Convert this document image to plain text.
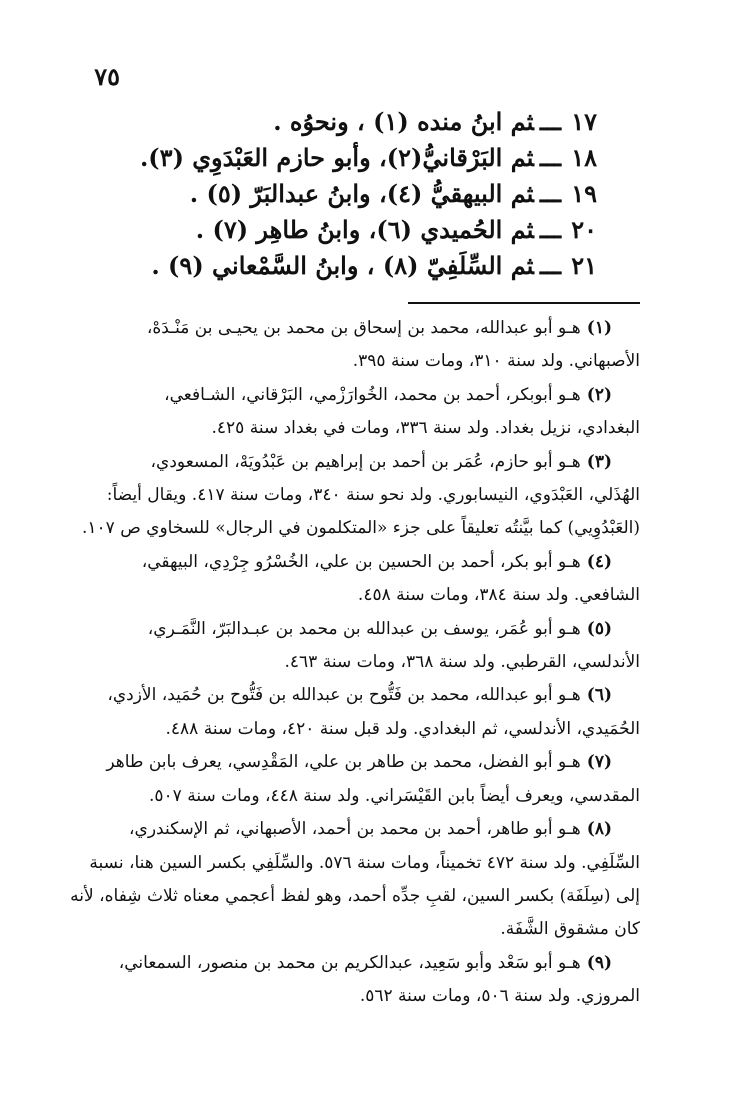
٧٥
١٧ـــثم ابنُ منده (١) ، ونحوُه .
١٨ـــثم البَرْقانيُّ(٢)، وأبو حازم العَبْدَوِي (٣).
١٩ـــثم البيهقيُّ (٤)، وابنُ عبدالبَرّ (٥) .
٢٠ـــثم الحُميدي (٦)، وابنُ طاهِر (٧) .
٢١ـــثم السِّلَفِيّ (٨) ، وابنُ السَّمْعاني (٩) .
(١)هـو أبو عبدالله، محمد بن إسحاق بن محمد بن يحيـى بن مَنْـدَهْ،
الأصبهاني. ولد سنة ٣١٠، ومات سنة ٣٩٥.
(٢)هـو أبوبكر، أحمد بن محمد، الخُوارَزْمي، البَرْقاني، الشـافعي،
البغدادي، نزيل بغداد. ولد سنة ٣٣٦، ومات في بغداد سنة ٤٢٥.
(٣)هـو أبو حازم، عُمَر بن أحمد بن إبراهيم بن عَبْدُويَهْ، المسعودي،
الهُذَلي، العَبْدَوي، النيسابوري. ولد نحو سنة ٣٤٠، ومات سنة ٤١٧. ويقال أيضاً:
(العَبْدُوِيي) كما بيَّنتُه تعليقاً على جزء «المتكلمون في الرجال» للسخاوي ص ١٠٧.
(٤)هـو أبو بكر، أحمد بن الحسين بن علي، الخُسْرُو جِرْدِي، البيهقي،
الشافعي. ولد سنة ٣٨٤، ومات سنة ٤٥٨.
(٥)هـو أبو عُمَر، يوسف بن عبدالله بن محمد بن عبـدالبَرّ، النَّمَـري،
الأندلسي، القرطبي. ولد سنة ٣٦٨، ومات سنة ٤٦٣.
(٦)هـو أبو عبدالله، محمد بن فَتُّوح بن عبدالله بن فَتُّوح بن حُمَيد، الأزدي،
الحُمَيدي، الأندلسي، ثم البغدادي. ولد قبل سنة ٤٢٠، ومات سنة ٤٨٨.
(٧)هـو أبو الفضل، محمد بن طاهر بن علي، المَقْدِسي، يعرف بابن طاهر
المقدسي، ويعرف أيضاً بابن القَيْسَراني. ولد سنة ٤٤٨، ومات سنة ٥٠٧.
(٨)هـو أبو طاهر، أحمد بن محمد بن أحمد، الأصبهاني، ثم الإسكندري،
السِّلَفِي. ولد سنة ٤٧٢ تخميناً، ومات سنة ٥٧٦. والسِّلَفِي بكسر السين هنا، نسبة
إلى (سِلَفَة) بكسر السين، لقبِ جدِّه أحمد، وهو لفظ أعجمي معناه ثلاث شِفاه، لأنه
كان مشقوق الشَّفَة.
(٩)هـو أبو سَعْد وأبو سَعِيد، عبدالكريم بن محمد بن منصور، السمعاني،
المروزي. ولد سنة ٥٠٦، ومات سنة ٥٦٢.
